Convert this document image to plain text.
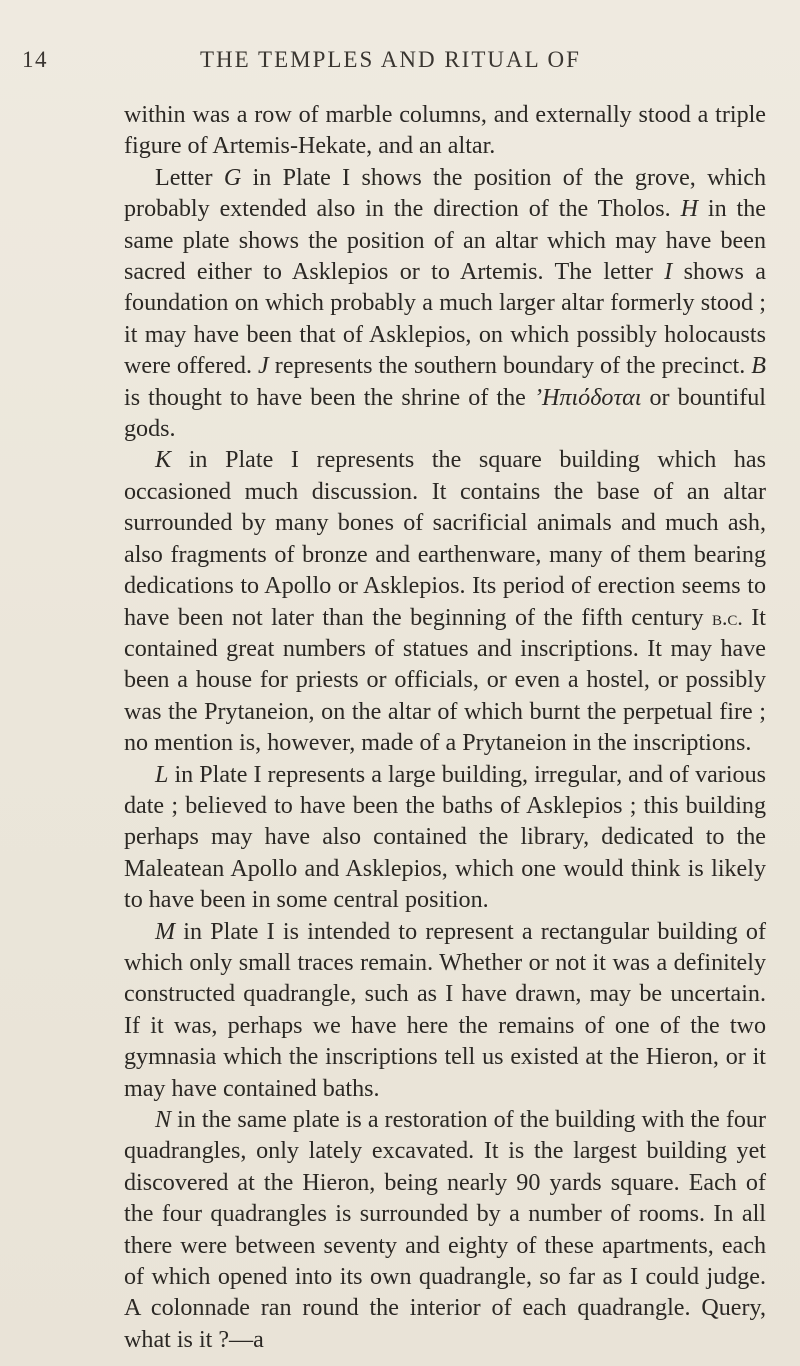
14	THE TEMPLES AND RITUAL OF

within was a row of marble columns, and externally stood a triple figure of Artemis-Hekate, and an altar.

Letter G in Plate I shows the position of the grove, which probably extended also in the direction of the Tholos. H in the same plate shows the position of an altar which may have been sacred either to Asklepios or to Artemis. The letter I shows a foundation on which probably a much larger altar formerly stood ; it may have been that of Asklepios, on which possibly holocausts were offered. J represents the southern boundary of the precinct. B is thought to have been the shrine of the ’Ηπιόδοται or bountiful gods.

K in Plate I represents the square building which has occasioned much discussion. It contains the base of an altar surrounded by many bones of sacrificial animals and much ash, also fragments of bronze and earthenware, many of them bearing dedications to Apollo or Asklepios. Its period of erection seems to have been not later than the beginning of the fifth century b.c. It contained great numbers of statues and inscriptions. It may have been a house for priests or officials, or even a hostel, or possibly was the Prytaneion, on the altar of which burnt the perpetual fire ; no mention is, however, made of a Prytaneion in the inscriptions.

L in Plate I represents a large building, irregular, and of various date ; believed to have been the baths of Asklepios ; this building perhaps may have also contained the library, dedicated to the Maleatean Apollo and Asklepios, which one would think is likely to have been in some central position.

M in Plate I is intended to represent a rectangular building of which only small traces remain. Whether or not it was a definitely constructed quadrangle, such as I have drawn, may be uncertain. If it was, perhaps we have here the remains of one of the two gymnasia which the inscriptions tell us existed at the Hieron, or it may have contained baths.

N in the same plate is a restoration of the building with the four quadrangles, only lately excavated. It is the largest building yet discovered at the Hieron, being nearly 90 yards square. Each of the four quadrangles is surrounded by a number of rooms. In all there were between seventy and eighty of these apartments, each of which opened into its own quadrangle, so far as I could judge. A colonnade ran round the interior of each quadrangle. Query, what is it ?—a
